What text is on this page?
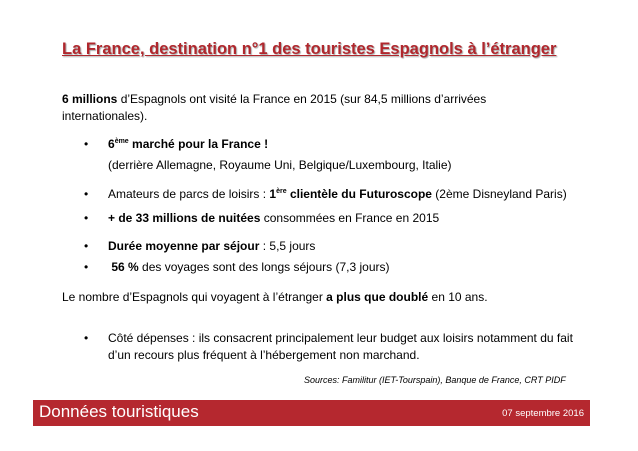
La France, destination n°1 des touristes Espagnols à l’étranger
6 millions d’Espagnols ont visité la France en 2015 (sur 84,5 millions d’arrivées internationales).
• 6ème marché pour la France !
(derrière Allemagne, Royaume Uni, Belgique/Luxembourg, Italie)
• Amateurs de parcs de loisirs : 1ère clientèle du Futuroscope (2ème Disneyland Paris)
• + de 33 millions de nuitées consommées en France en 2015
• Durée moyenne par séjour : 5,5 jours
• 56 % des voyages sont des longs séjours (7,3 jours)
Le nombre d’Espagnols qui voyagent à l’étranger a plus que doublé en 10 ans.
• Côté dépenses : ils consacrent principalement leur budget aux loisirs notamment du fait d’un recours plus fréquent à l’hébergement non marchand.
Sources: Familitur (IET-Tourspain), Banque de France, CRT PIDF
Données touristiques	07 septembre 2016
